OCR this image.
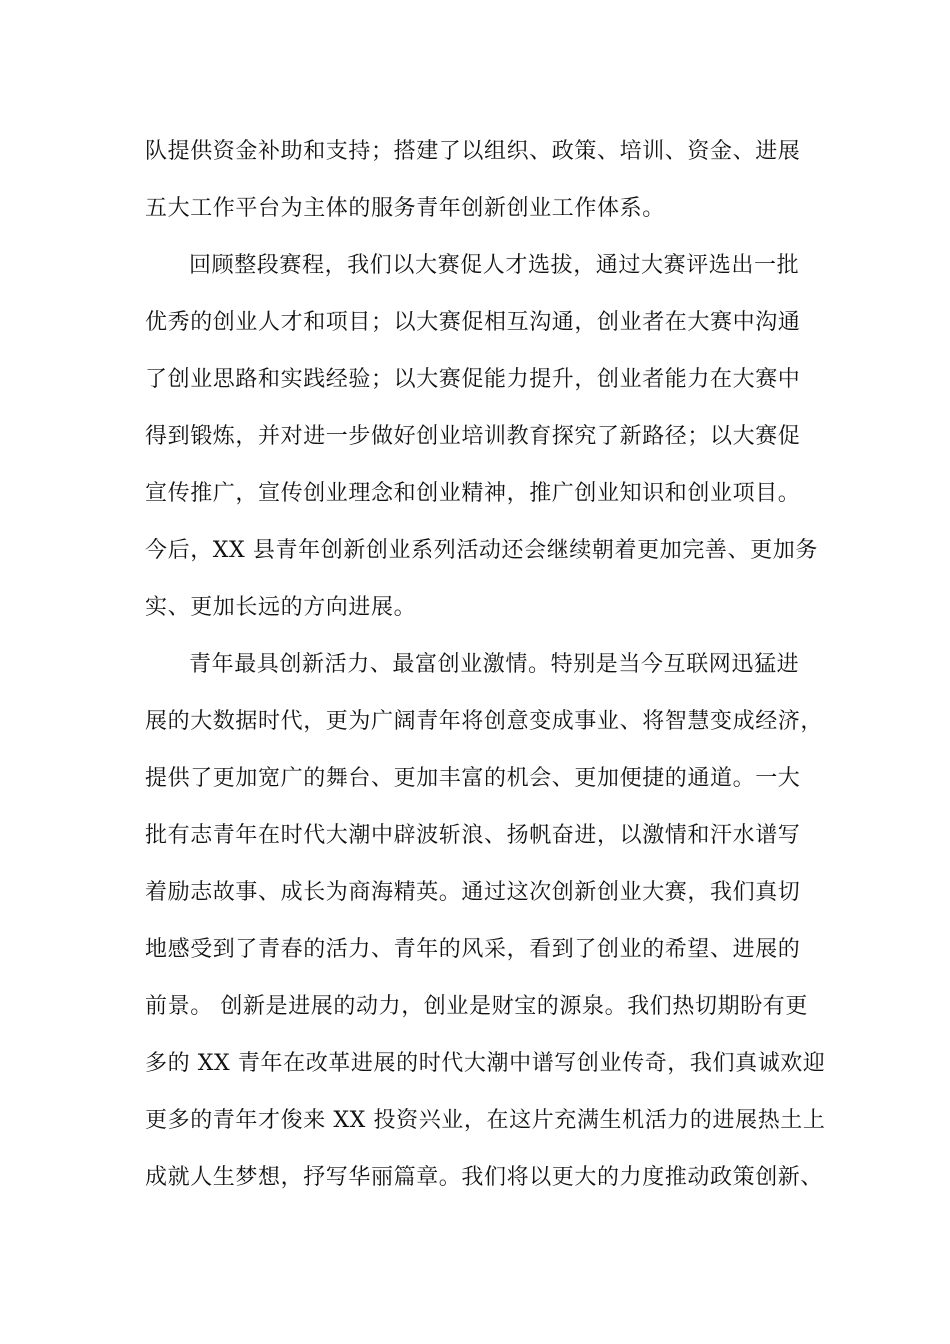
队提供资金补助和支持；搭建了以组织、政策、培训、资金、进展
五大工作平台为主体的服务青年创新创业工作体系。
回顾整段赛程，我们以大赛促人才选拔，通过大赛评选出一批
优秀的创业人才和项目；以大赛促相互沟通，创业者在大赛中沟通
了创业思路和实践经验；以大赛促能力提升，创业者能力在大赛中
得到锻炼，并对进一步做好创业培训教育探究了新路径；以大赛促
宣传推广，宣传创业理念和创业精神，推广创业知识和创业项目。
今后，XX 县青年创新创业系列活动还会继续朝着更加完善、更加务
实、更加长远的方向进展。
青年最具创新活力、最富创业激情。特别是当今互联网迅猛进
展的大数据时代，更为广阔青年将创意变成事业、将智慧变成经济，
提供了更加宽广的舞台、更加丰富的机会、更加便捷的通道。一大
批有志青年在时代大潮中辟波斩浪、扬帆奋进，以激情和汗水谱写
着励志故事、成长为商海精英。通过这次创新创业大赛，我们真切
地感受到了青春的活力、青年的风采，看到了创业的希望、进展的
前景。 创新是进展的动力，创业是财宝的源泉。我们热切期盼有更
多的 XX 青年在改革进展的时代大潮中谱写创业传奇，我们真诚欢迎
更多的青年才俊来 XX 投资兴业，在这片充满生机活力的进展热土上
成就人生梦想，抒写华丽篇章。我们将以更大的力度推动政策创新、
